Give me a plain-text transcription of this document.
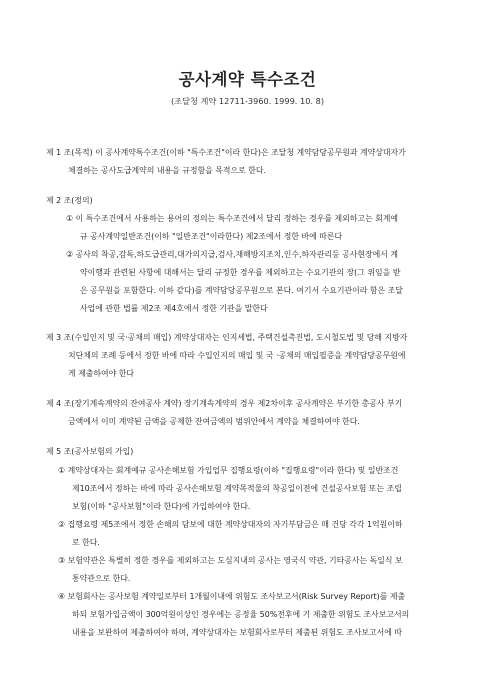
공사계약 특수조건
(조달청 계약 12711-3960. 1999. 10. 8)
제 1 조(목적) 이 공사계약특수조건(이하 "특수조건"이라 한다)은 조달청 계약담당공무원과 계약상대자가
체결하는 공사도급계약의 내용을 규정함을 목적으로 한다.
제 2 조(정의)
① 이 특수조건에서 사용하는 용어의 정의는 특수조건에서 달리 정하는 경우를 제외하고는 회계예
규 공사계약일반조건(이하 "일반조건"이라한다) 제2조에서 정한 바에 따른다
② 공사의 착공,감독,하도급관리,대가의지급,검사,재해방지조치,인수,하자관리등 공사현장에서 계
약이행과 관련된 사항에 대해서는 달리 규정한 경우를 제외하고는 수요기관의 장(그 위임을 받
은 공무원을 포함한다. 이하 같다)를 계약담당공무원으로 본다. 여기서 수요기관이라 함은 조달
사업에 관한 법률 제2조 제4호에서 정한 기관을 말한다
제 3 조(수입인지 및 국·공채의 매입) 계약상대자는 인지세법, 주택건설촉진법, 도시철도법 및 당해 지방자
치단체의 조례 등에서 정한 바에 따라 수입인지의 매입 및 국 ·공채의 매입필증을 계약담당공무원에
게 제출하여야 한다
제 4 조(장기계속계약의 잔여공사 계약) 장기계속계약의 경우 제2차이후 공사계약은 부기한 총공사 부기
금액에서 이미 계약된 금액을 공제한 잔여금액의 범위안에서 계약을 체결하여야 한다.
제 5 조(공사보험의 가입)
① 계약상대자는 회계예규 공사손해보험 가입업무 집행요령(이하 "집행요령"이라 한다) 및 일반조건
제10조에서 정하는 바에 따라 공사손해보험 계약목적물의 착공일이전에 건설공사보험 또는 조립
보험(이하 "공사보험"이라 한다)에 가입하여야 한다.
② 집행요령 제5조에서 정한 손해의 담보에 대한 계약상대자의 자기부담금은 매 건당 각각 1억원이하
로 한다.
③ 보험약관은 특별히 정한 경우를 제외하고는 도심지내의 공사는 영국식 약관, 기타공사는 독일식 보
통약관으로 한다.
④ 보험회사는 공사보험 계약일로부터 1개월이내에 위험도 조사보고서(Risk Survey Report)를 제출
하되 보험가입금액이 300억원이상인 경우에는 공정율 50%전후에 기 제출한 위험도 조사보고서의
내용을 보완하여 제출하여야 하며, 계약상대자는 보험회사로부터 제출된 위험도 조사보고서에 따
